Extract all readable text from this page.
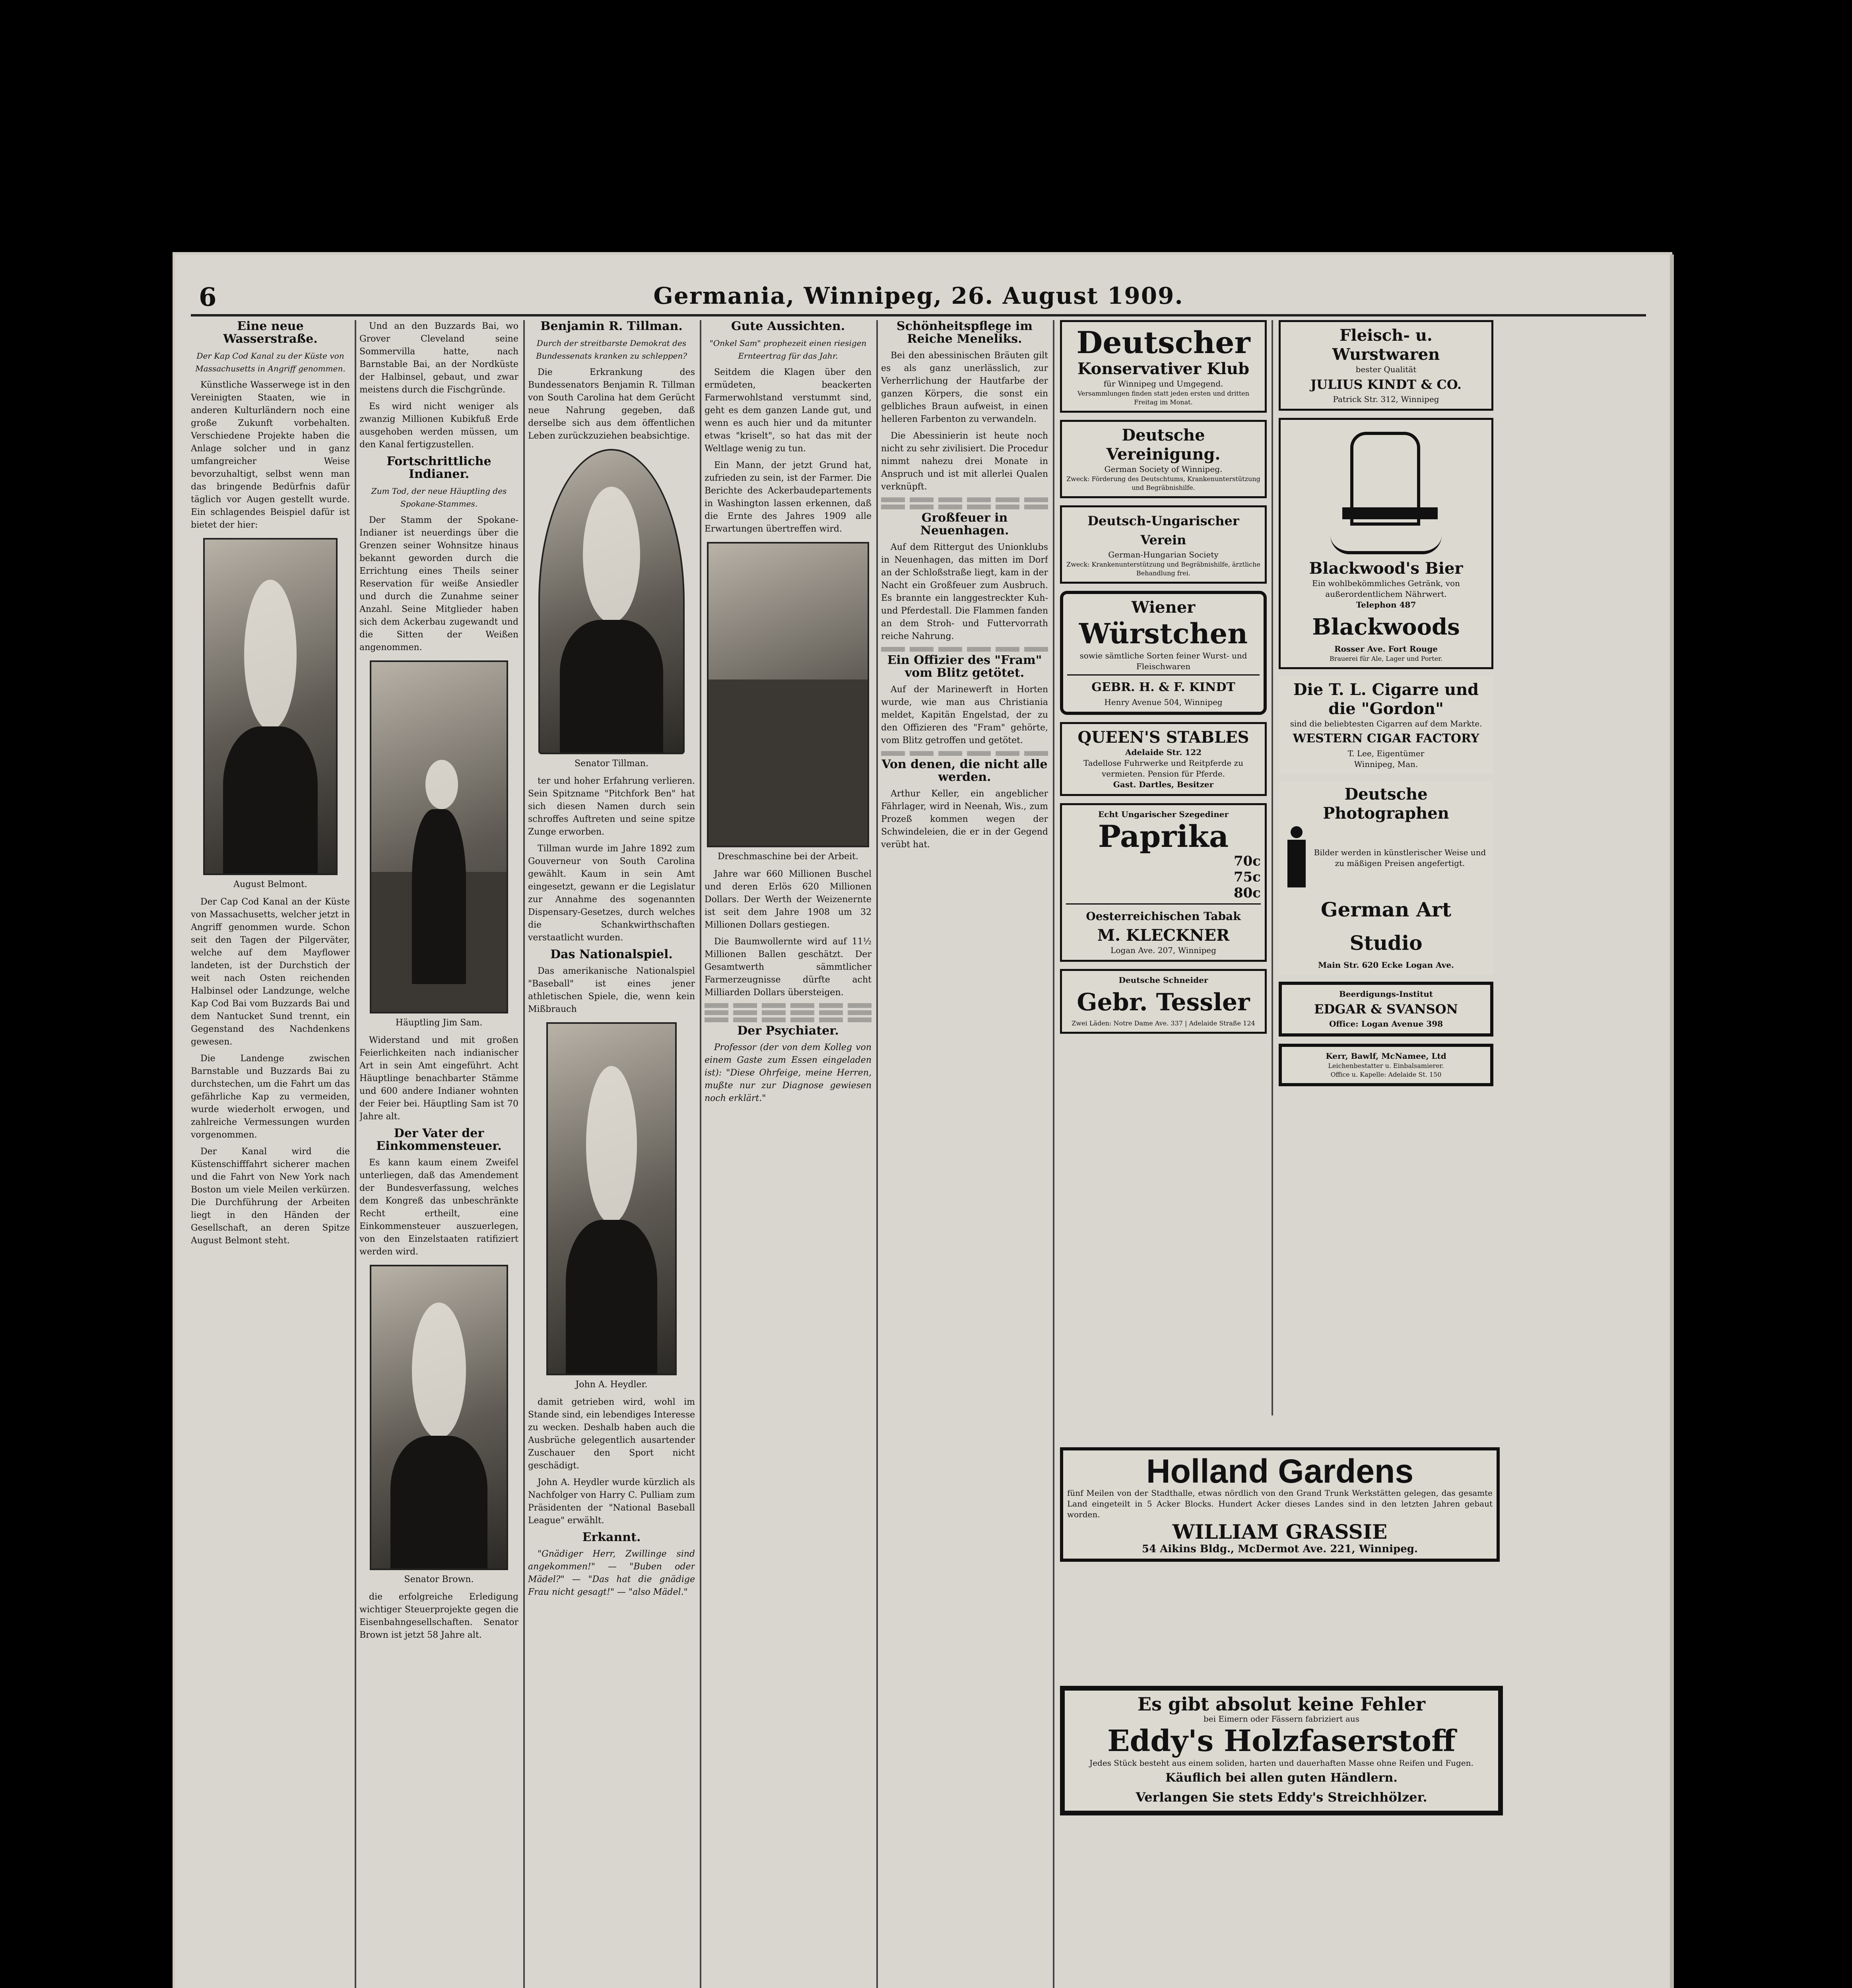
6	Germania, Winnipeg, 26. August 1909.
Eine neue Wasserstraße.
Der Kap Cod Kanal zu der Küste von Massachusetts in Angriff genommen.

Künstliche Wasserwege ist in den Vereinigten Staaten, wie in anderen Kulturländern noch eine große Zukunft vorbehalten. Verschiedene Projekte haben die Anlage solcher und in ganz umfangreicher Weise bevorzuhaltigt, selbst wenn man das bringende Bedürfnis dafür täglich vor Augen gestellt wurde. Ein schlagendes Beispiel dafür ist bietet der hier:

August Belmont.

Der Cap Cod Kanal an der Küste von Massachusetts, welcher jetzt in Angriff genommen wurde. Schon seit den Tagen der Pilgerväter, welche auf dem Mayflower landeten, ist der Durchstich der weit nach Osten reichenden Halbinsel oder Landzunge, welche Kap Cod Bai vom Buzzards Bai und dem Nantucket Sund trennt, ein Gegenstand des Nachdenkens gewesen.

Die Landenge zwischen Barnstable und Buzzards Bai zu durchstechen, um die Fahrt um das gefährliche Kap zu vermeiden, wurde wiederholt erwogen, und zahlreiche Vermessungen wurden vorgenommen.

Der Kanal wird die Küstenschifffahrt sicherer machen und die Fahrt von New York nach Boston um viele Meilen verkürzen. Die Durchführung der Arbeiten liegt in den Händen der Gesellschaft, an deren Spitze August Belmont steht.

Und an den Buzzards Bai, wo Grover Cleveland seine Sommervilla hatte, nach Barnstable Bai, an der Nordküste der Halbinsel, gebaut, und zwar meistens durch die Fischgründe.

Es wird nicht weniger als zwanzig Millionen Kubikfuß Erde ausgehoben werden müssen, um den Kanal fertigzustellen.

Fortschrittliche Indianer.
Zum Tod, der neue Häuptling des Spokane-Stammes.

Der Stamm der Spokane-Indianer ist neuerdings über die Grenzen seiner Wohnsitze hinaus bekannt geworden durch die Errichtung eines Theils seiner Reservation für weiße Ansiedler und durch die Zunahme seiner Anzahl. Seine Mitglieder haben sich dem Ackerbau zugewandt und die Sitten der Weißen angenommen.

Häuptling Jim Sam.

Widerstand und mit großen Feierlichkeiten nach indianischer Art in sein Amt eingeführt. Acht Häuptlinge benachbarter Stämme und 600 andere Indianer wohnten der Feier bei. Häuptling Sam ist 70 Jahre alt.

Der Vater der Einkommensteuer.

Es kann kaum einem Zweifel unterliegen, daß das Amendement der Bundesverfassung, welches dem Kongreß das unbeschränkte Recht ertheilt, eine Einkommensteuer auszuerlegen, von den Einzelstaaten ratifiziert werden wird.

Senator Brown.

die erfolgreiche Erledigung wichtiger Steuerprojekte gegen die Eisenbahngesellschaften. Senator Brown ist jetzt 58 Jahre alt.

Benjamin R. Tillman.
Durch der streitbarste Demokrat des Bundessenats kranken zu schleppen?

Die Erkrankung des Bundessenators Benjamin R. Tillman von South Carolina hat dem Gerücht neue Nahrung gegeben, daß derselbe sich aus dem öffentlichen Leben zurückzuziehen beabsichtige.

Senator Tillman.

ter und hoher Erfahrung verlieren. Sein Spitzname "Pitchfork Ben" hat sich diesen Namen durch sein schroffes Auftreten und seine spitze Zunge erworben.

Tillman wurde im Jahre 1892 zum Gouverneur von South Carolina gewählt. Kaum in sein Amt eingesetzt, gewann er die Legislatur zur Annahme des sogenannten Dispensary-Gesetzes, durch welches die Schankwirthschaften verstaatlicht wurden.

Das Nationalspiel.

Das amerikanische Nationalspiel "Baseball" ist eines jener athletischen Spiele, die, wenn kein Mißbrauch

John A. Heydler.

damit getrieben wird, wohl im Stande sind, ein lebendiges Interesse zu wecken. Deshalb haben auch die Ausbrüche gelegentlich ausartender Zuschauer den Sport nicht geschädigt.

John A. Heydler wurde kürzlich als Nachfolger von Harry C. Pulliam zum Präsidenten der "National Baseball League" erwählt.

Erkannt.

"Gnädiger Herr, Zwillinge sind angekommen!" — "Buben oder Mädel?" — "Das hat die gnädige Frau nicht gesagt!" — "also Mädel."

Gute Aussichten.
"Onkel Sam" prophezeit einen riesigen Ernteertrag für das Jahr.

Seitdem die Klagen über den ermüdeten, beackerten Farmerwohlstand verstummt sind, geht es dem ganzen Lande gut, und wenn es auch hier und da mitunter etwas "kriselt", so hat das mit der Weltlage wenig zu tun.

Ein Mann, der jetzt Grund hat, zufrieden zu sein, ist der Farmer. Die Berichte des Ackerbaudepartements in Washington lassen erkennen, daß die Ernte des Jahres 1909 alle Erwartungen übertreffen wird.

Dreschmaschine bei der Arbeit.

Jahre war 660 Millionen Buschel und deren Erlös 620 Millionen Dollars. Der Werth der Weizenernte ist seit dem Jahre 1908 um 32 Millionen Dollars gestiegen.

Die Baumwollernte wird auf 11½ Millionen Ballen geschätzt. Der Gesamtwerth sämmtlicher Farmerzeugnisse dürfte acht Milliarden Dollars übersteigen.

Der Psychiater.

Professor (der von dem Kolleg von einem Gaste zum Essen eingeladen ist): "Diese Ohrfeige, meine Herren, mußte nur zur Diagnose gewiesen noch erklärt."

Schönheitspflege im Reiche Meneliks.

Bei den abessinischen Bräuten gilt es als ganz unerlässlich, zur Verherrlichung der Hautfarbe der ganzen Körpers, die sonst ein gelbliches Braun aufweist, in einen helleren Farbenton zu verwandeln.

Die Abessinierin ist heute noch nicht zu sehr zivilisiert. Die Procedur nimmt nahezu drei Monate in Anspruch und ist mit allerlei Qualen verknüpft.

Großfeuer in Neuenhagen.

Auf dem Rittergut des Unionklubs in Neuenhagen, das mitten im Dorf an der Schloßstraße liegt, kam in der Nacht ein Großfeuer zum Ausbruch. Es brannte ein langgestreckter Kuh- und Pferdestall. Die Flammen fanden an dem Stroh- und Futtervorrath reiche Nahrung.

Ein Offizier des "Fram" vom Blitz getötet.

Auf der Marinewerft in Horten wurde, wie man aus Christiania meldet, Kapitän Engelstad, der zu den Offizieren des "Fram" gehörte, vom Blitz getroffen und getötet.

Von denen, die nicht alle werden.

Arthur Keller, ein angeblicher Fährlager, wird in Neenah, Wis., zum Prozeß kommen wegen der Schwindeleien, die er in der Gegend verübt hat.

Deutscher
Konservativer Klub
für Winnipeg und Umgegend.
Versammlungen finden statt jeden ersten und dritten Freitag im Monat.
Deutsche Vereinigung.
German Society of Winnipeg.
Zweck: Förderung des Deutschtums, Krankenunterstützung und Begräbnishilfe.
Deutsch-Ungarischer Verein
German-Hungarian Society
Zweck: Krankenunterstützung und Begräbnishilfe, ärztliche Behandlung frei.
Wiener
Würstchen
sowie sämtliche Sorten feiner Wurst- und Fleischwaren
GEBR. H. & F. KINDT
Henry Avenue 504, Winnipeg
QUEEN'S STABLES
Adelaide Str. 122
Tadellose Fuhrwerke und Reitpferde zu vermieten. Pension für Pferde.
Gast. Dartles, Besitzer
Echt Ungarischer Szegediner
Paprika
70c
75c
80c
Oesterreichischen Tabak
M. KLECKNER
Logan Ave. 207, Winnipeg
Deutsche Schneider
Gebr. Tessler
Zwei Läden: Notre Dame Ave. 337 | Adelaide Straße 124
Fleisch- u. Wurstwaren
bester Qualität
JULIUS KINDT & CO.
Patrick Str. 312, Winnipeg
Blackwood's Bier
Ein wohlbekömmliches Getränk, von außerordentlichem Nährwert.
Telephon 487
Blackwoods
Rosser Ave. Fort Rouge
Brauerei für Ale, Lager und Porter.
Die T. L. Cigarre und die "Gordon"
sind die beliebtesten Cigarren auf dem Markte.
WESTERN CIGAR FACTORY
T. Lee, Eigentümer
Winnipeg, Man.
Deutsche Photographen
Bilder werden in künstlerischer Weise und zu mäßigen Preisen angefertigt.
German Art Studio
Main Str. 620 Ecke Logan Ave.
Beerdigungs-Institut
EDGAR & SVANSON
Office: Logan Avenue 398
Kerr, Bawlf, McNamee, Ltd
Leichenbestatter u. Einbalsamierer.
Office u. Kapelle: Adelaide St. 150
Holland Gardens
fünf Meilen von der Stadthalle, etwas nördlich von den Grand Trunk Werkstätten gelegen, das gesamte Land eingeteilt in 5 Acker Blocks. Hundert Acker dieses Landes sind in den letzten Jahren gebaut worden.
WILLIAM GRASSIE
54 Aikins Bldg., McDermot Ave. 221, Winnipeg.
Es gibt absolut keine Fehler
bei Eimern oder Fässern fabriziert aus
Eddy's Holzfaserstoff
Jedes Stück besteht aus einem soliden, harten und dauerhaften Masse ohne Reifen und Fugen.
Käuflich bei allen guten Händlern.
Verlangen Sie stets Eddy's Streichhölzer.
